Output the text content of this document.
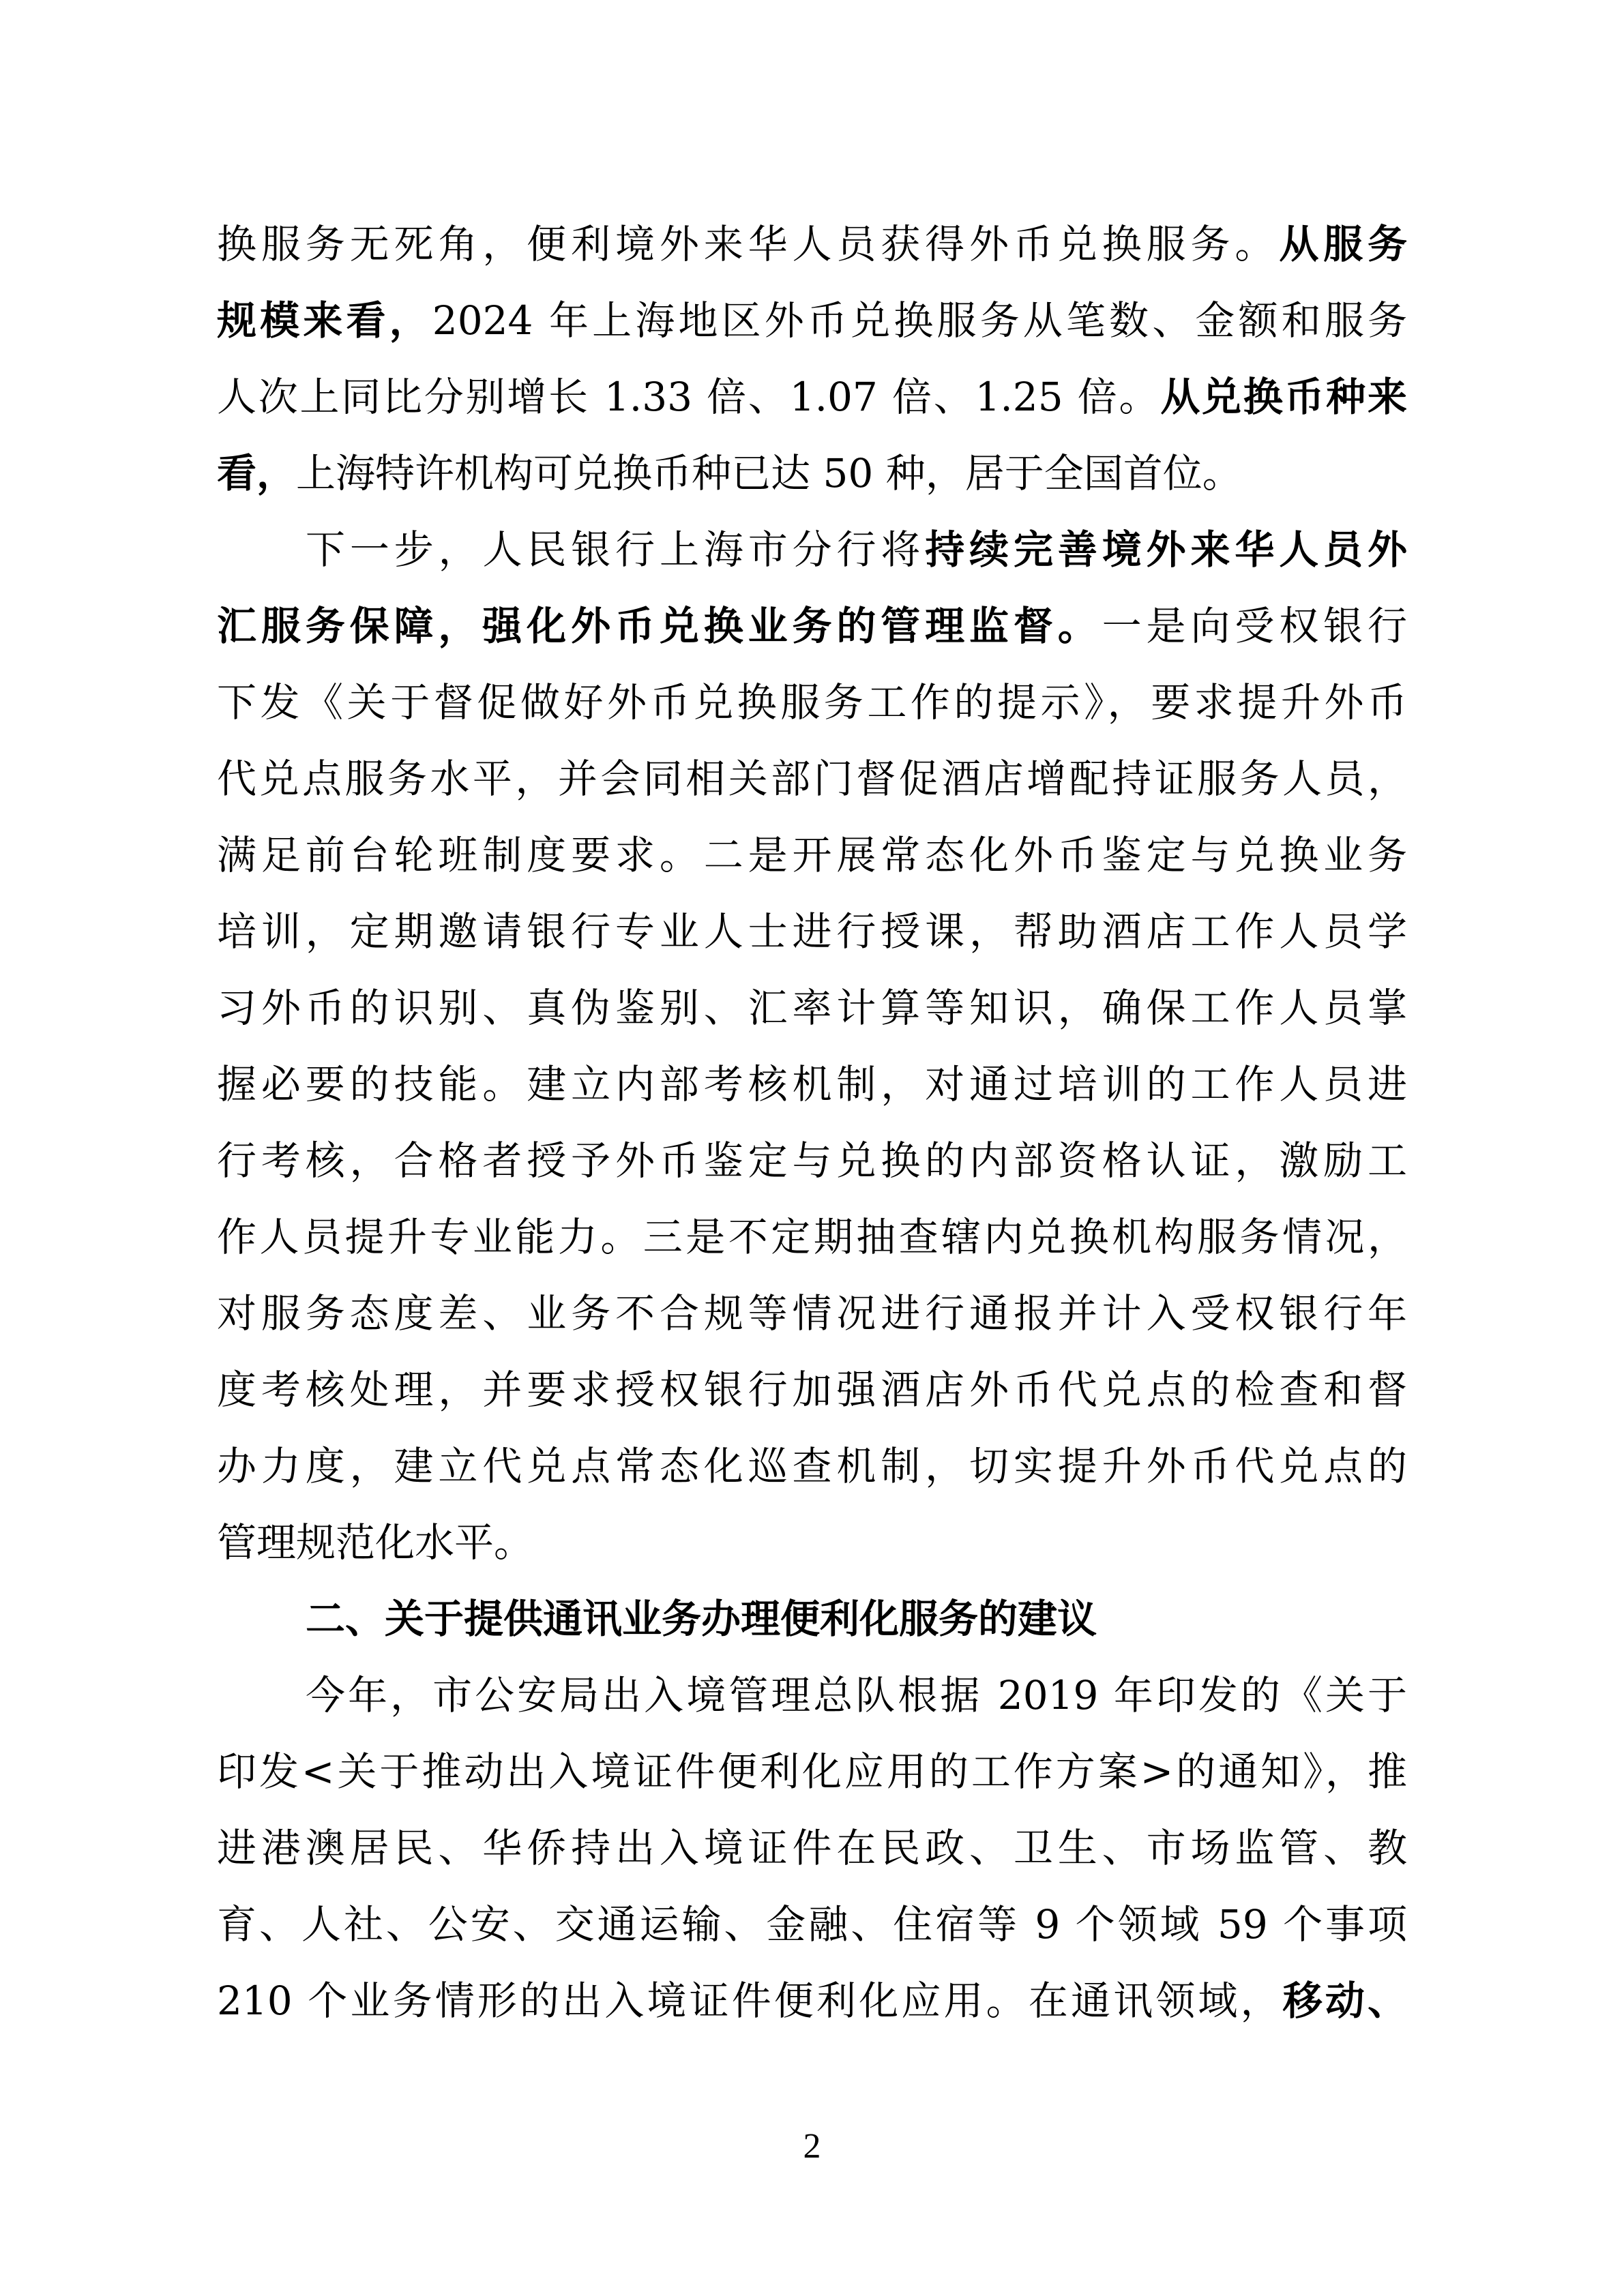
换服务无死角，便利境外来华人员获得外币兑换服务。从服务
规模来看，2024 年上海地区外币兑换服务从笔数、金额和服务
人次上同比分别增长 1.33 倍、1.07 倍、1.25 倍。从兑换币种来
看，上海特许机构可兑换币种已达 50 种，居于全国首位。
下一步，人民银行上海市分行将持续完善境外来华人员外
汇服务保障，强化外币兑换业务的管理监督。一是向受权银行
下发《关于督促做好外币兑换服务工作的提示》，要求提升外币
代兑点服务水平，并会同相关部门督促酒店增配持证服务人员，
满足前台轮班制度要求。二是开展常态化外币鉴定与兑换业务
培训，定期邀请银行专业人士进行授课，帮助酒店工作人员学
习外币的识别、真伪鉴别、汇率计算等知识，确保工作人员掌
握必要的技能。建立内部考核机制，对通过培训的工作人员进
行考核，合格者授予外币鉴定与兑换的内部资格认证，激励工
作人员提升专业能力。三是不定期抽查辖内兑换机构服务情况，
对服务态度差、业务不合规等情况进行通报并计入受权银行年
度考核处理，并要求授权银行加强酒店外币代兑点的检查和督
办力度，建立代兑点常态化巡查机制，切实提升外币代兑点的
管理规范化水平。
二、关于提供通讯业务办理便利化服务的建议
今年，市公安局出入境管理总队根据 2019 年印发的《关于
印发<关于推动出入境证件便利化应用的工作方案>的通知》，推
进港澳居民、华侨持出入境证件在民政、卫生、市场监管、教
育、人社、公安、交通运输、金融、住宿等 9 个领域 59 个事项
210 个业务情形的出入境证件便利化应用。在通讯领域，移动、
2
